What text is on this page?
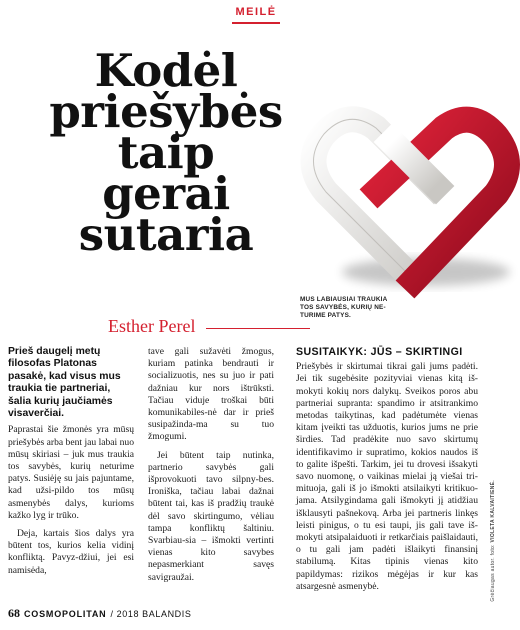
MEILĖ
Kodėl
priešybės
taip
gerai
sutaria
Esther Perel
MUS LABIAUSIAI TRAUKIA TOS SAVYBĖS, KURIŲ NE-TURIME PATYS.
Prieš daugelį metų filosofas Platonas pasakė, kad visus mus traukia tie partneriai, šalia kurių jaučiamės visaverčiai.

Paprastai šie žmonės yra mūsų priešybės arba bent jau labai nuo mūsų skiriasi – juk mus traukia tos savybės, kurių neturime patys. Susiėję su jais pajuntame, kad užsi-pildo tos mūsų asmenybės dalys, kurioms kažko lyg ir trūko.

Deja, kartais šios dalys yra būtent tos, kurios kelia vidinį konfliktą. Pavyz-džiui, jei esi namisėda,

tave gali sužavėti žmogus, kuriam patinka bendrauti ir socializuotis, nes su juo ir pati dažniau kur nors ištrūksti. Tačiau viduje troškai būti komunikabiles-nė dar ir prieš susipažinda-ma su tuo žmogumi.

Jei būtent taip nutinka, partnerio savybės gali išprovokuoti tavo silpny-bes. Ironiška, tačiau labai dažnai būtent tai, kas iš pradžių traukė dėl savo skirtingumo, vėliau tampa konfliktų šaltiniu. Svarbiau-sia – išmokti vertinti vienas kito savybes nepasmerkiant savęs savigraužai.

SUSITAIKYK: JŪS – SKIRTINGI

Priešybės ir skirtumai tikrai gali jums padėti. Jei tik sugebėsite pozityviai vienas kitą iš-mokyti kokių nors dalykų. Sveikos poros abu partneriai supranta: spandimo ir atsitrankimo metodas taikytinas, kad padėtumėte vienas kitam įveikti tas užduotis, kurios jums ne prie širdies. Tad pradėkite nuo savo skirtumų identifikavimo ir supratimo, kokios naudos iš to galite išpešti. Tarkim, jei tu drovesi išsakyti savo nuomonę, o vaikinas mielai ją viešai tri-mituoja, gali iš jo išmokti atsilaikyti kritikuo-jama. Atsilygindama gali išmokyti jį atidžiau išklausyti pašnekovą. Arba jei partneris linkęs leisti pinigus, o tu esi taupi, jis gali tave iš-mokyti atsipalaiduoti ir retkarčiais paišlaidauti, o tu gali jam padėti išlaikyti finansinį stabilumą. Kitas tipinis vienas kito papildymas: rizikos mėgėjas ir kur kas atsargesnė asmenybė.	Grėčiaugas autor. foto: VIOLETA KALVAITIENĖ.
68 COSMOPOLITAN / 2018 BALANDIS
